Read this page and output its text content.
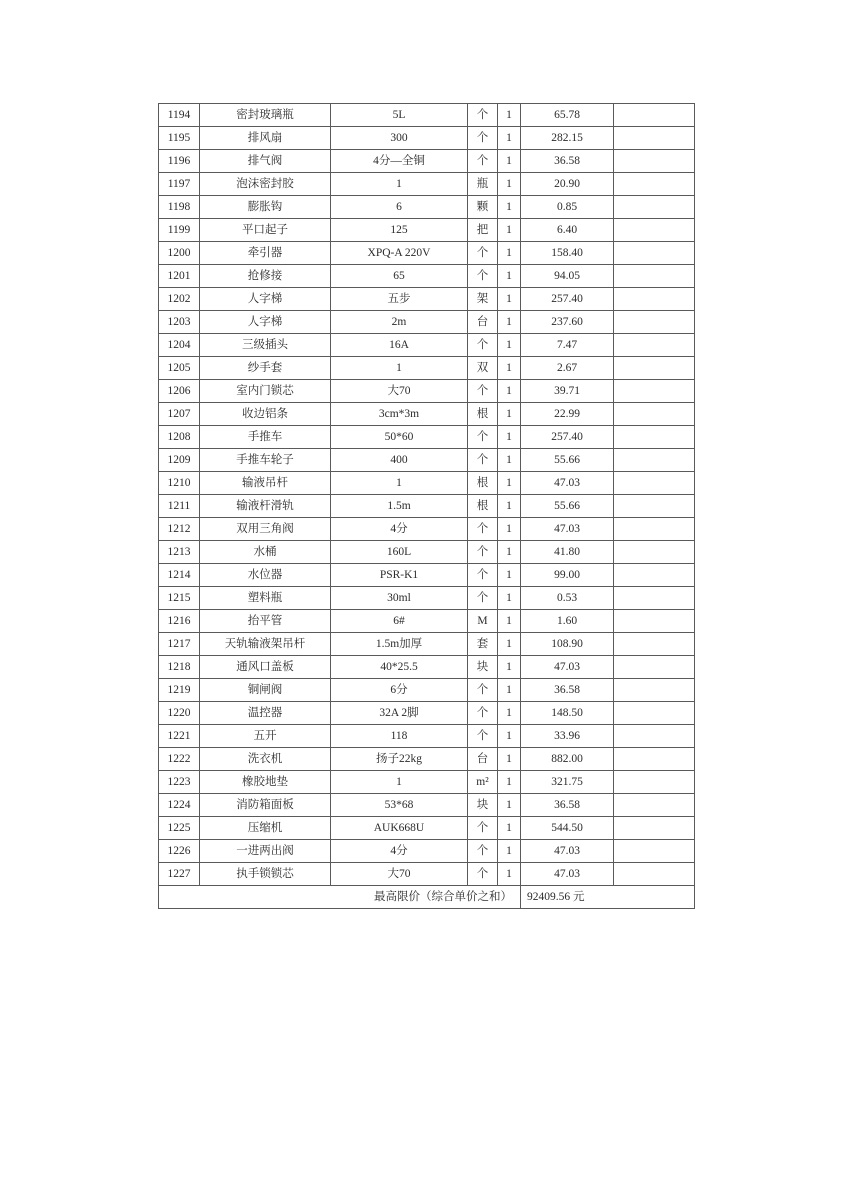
1194	密封玻璃瓶	5L	个	1	65.78	
1195	排风扇	300	个	1	282.15	
1196	排气阀	4分—全铜	个	1	36.58	
1197	泡沫密封胶	1	瓶	1	20.90	
1198	膨胀钩	6	颗	1	0.85	
1199	平口起子	125	把	1	6.40	
1200	牵引器	XPQ-A 220V	个	1	158.40	
1201	抢修接	65	个	1	94.05	
1202	人字梯	五步	架	1	257.40	
1203	人字梯	2m	台	1	237.60	
1204	三级插头	16A	个	1	7.47	
1205	纱手套	1	双	1	2.67	
1206	室内门锁芯	大70	个	1	39.71	
1207	收边铝条	3cm*3m	根	1	22.99	
1208	手推车	50*60	个	1	257.40	
1209	手推车轮子	400	个	1	55.66	
1210	输液吊杆	1	根	1	47.03	
1211	输液杆滑轨	1.5m	根	1	55.66	
1212	双用三角阀	4分	个	1	47.03	
1213	水桶	160L	个	1	41.80	
1214	水位器	PSR-K1	个	1	99.00	
1215	塑料瓶	30ml	个	1	0.53	
1216	抬平管	6#	M	1	1.60	
1217	天轨输液架吊杆	1.5m加厚	套	1	108.90	
1218	通风口盖板	40*25.5	块	1	47.03	
1219	铜闸阀	6分	个	1	36.58	
1220	温控器	32A 2脚	个	1	148.50	
1221	五开	118	个	1	33.96	
1222	洗衣机	扬子22kg	台	1	882.00	
1223	橡胶地垫	1	m²	1	321.75	
1224	消防箱面板	53*68	块	1	36.58	
1225	压缩机	AUK668U	个	1	544.50	
1226	一进两出阀	4分	个	1	47.03	
1227	执手锁锁芯	大70	个	1	47.03	
最高限价（综合单价之和）					92409.56 元	
